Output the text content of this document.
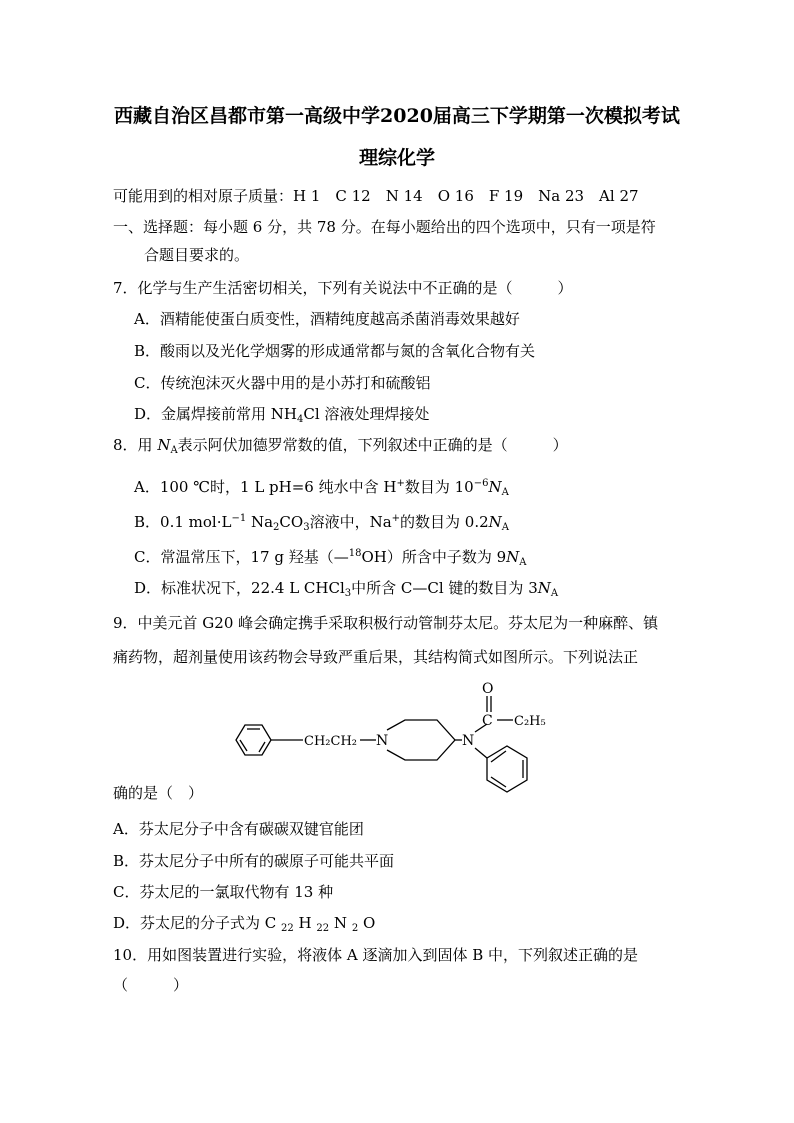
西藏自治区昌都市第一高级中学2020届高三下学期第一次模拟考试
理综化学
可能用到的相对原子质量：H 1　C 12　N 14　O 16　F 19　Na 23　Al 27
一、选择题：每小题 6 分，共 78 分。在每小题给出的四个选项中，只有一项是符
合题目要求的。
7．化学与生产生活密切相关，下列有关说法中不正确的是（　　　）
A．酒精能使蛋白质变性，酒精纯度越高杀菌消毒效果越好
B．酸雨以及光化学烟雾的形成通常都与氮的含氧化合物有关
C．传统泡沫灭火器中用的是小苏打和硫酸铝
D．金属焊接前常用 $NH_4Cl$ 溶液处理焊接处
8．用 $N_A$表示阿伏加德罗常数的值，下列叙述中正确的是（　　　）
A．100 ℃时，1 L pH=6 纯水中含 H+数目为 $10^{-6}N_A$
B．0.1 $mol\cdot L^{-1}$ $Na_2CO_3$溶液中，Na+的数目为 $0.2N_A$
C．常温常压下，17 g 羟基（—$^{18}$OH）所含中子数为 $9N_A$
D．标准状况下，22.4 L CHCl$_3$中所含 C—Cl 键的数目为 $3N_A$
9．中美元首 G20 峰会确定携手采取积极行动管制芬太尼。芬太尼为一种麻醉、镇
痛药物，超剂量使用该药物会导致严重后果，其结构简式如图所示。下列说法正
O
C C₂H₅
CH₂CH₂ N	N
确的是（　）
A．芬太尼分子中含有碳碳双键官能团
B．芬太尼分子中所有的碳原子可能共平面
C．芬太尼的一氯取代物有 13 种
D．芬太尼的分子式为 C $_{22}$ H $_{22}$ N $_2$ O
10．用如图装置进行实验，将液体 A 逐滴加入到固体 B 中，下列叙述正确的是
（　　　）
